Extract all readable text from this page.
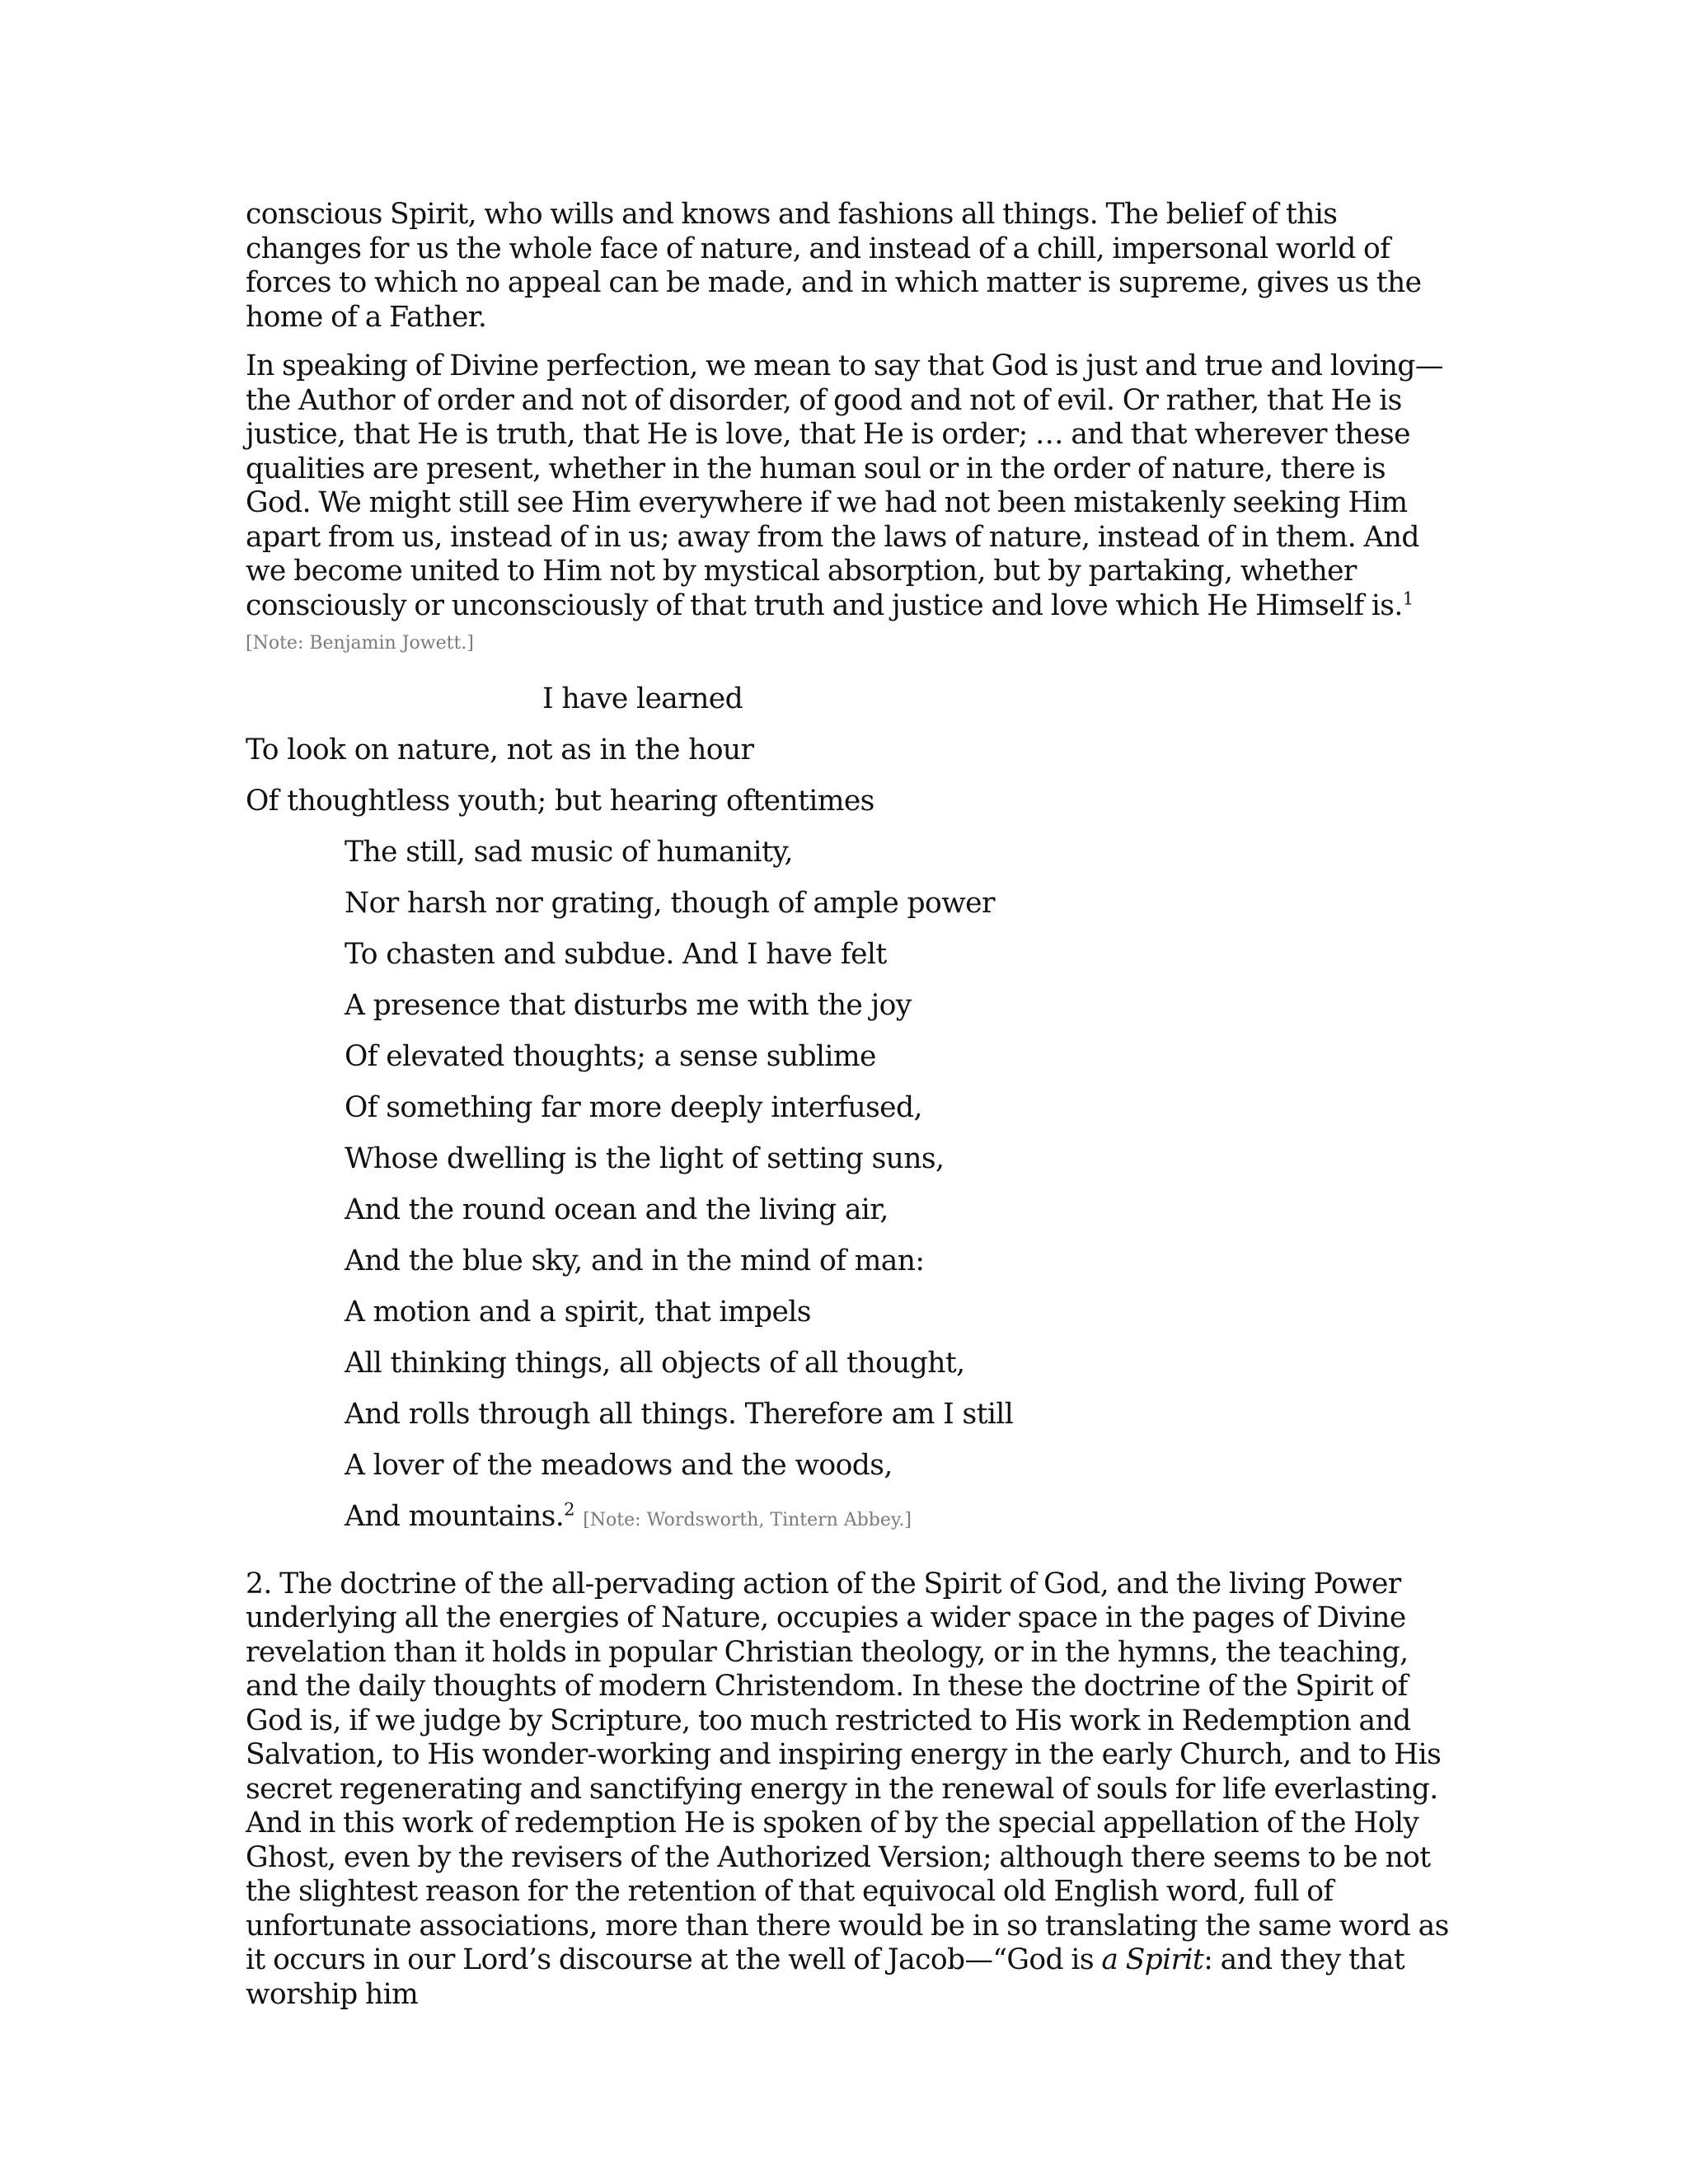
conscious Spirit, who wills and knows and fashions all things. The belief of this changes for us the whole face of nature, and instead of a chill, impersonal world of forces to which no appeal can be made, and in which matter is supreme, gives us the home of a Father.

In speaking of Divine perfection, we mean to say that God is just and true and loving—the Author of order and not of disorder, of good and not of evil. Or rather, that He is justice, that He is truth, that He is love, that He is order; … and that wherever these qualities are present, whether in the human soul or in the order of nature, there is God. We might still see Him everywhere if we had not been mistakenly seeking Him apart from us, instead of in us; away from the laws of nature, instead of in them. And we become united to Him not by mystical absorption, but by partaking, whether consciously or unconsciously of that truth and justice and love which He Himself is.$^1$ [Note: Benjamin Jowett.]

I have learned
To look on nature, not as in the hour
Of thoughtless youth; but hearing oftentimes
The still, sad music of humanity,
Nor harsh nor grating, though of ample power
To chasten and subdue. And I have felt
A presence that disturbs me with the joy
Of elevated thoughts; a sense sublime
Of something far more deeply interfused,
Whose dwelling is the light of setting suns,
And the round ocean and the living air,
And the blue sky, and in the mind of man:
A motion and a spirit, that impels
All thinking things, all objects of all thought,
And rolls through all things. Therefore am I still
A lover of the meadows and the woods,
And mountains.$^2$ [Note: Wordsworth, Tintern Abbey.]

2. The doctrine of the all-pervading action of the Spirit of God, and the living Power underlying all the energies of Nature, occupies a wider space in the pages of Divine revelation than it holds in popular Christian theology, or in the hymns, the teaching, and the daily thoughts of modern Christendom. In these the doctrine of the Spirit of God is, if we judge by Scripture, too much restricted to His work in Redemption and Salvation, to His wonder-working and inspiring energy in the early Church, and to His secret regenerating and sanctifying energy in the renewal of souls for life everlasting. And in this work of redemption He is spoken of by the special appellation of the Holy Ghost, even by the revisers of the Authorized Version; although there seems to be not the slightest reason for the retention of that equivocal old English word, full of unfortunate associations, more than there would be in so translating the same word as it occurs in our Lord’s discourse at the well of Jacob—“God is a Spirit: and they that worship him
